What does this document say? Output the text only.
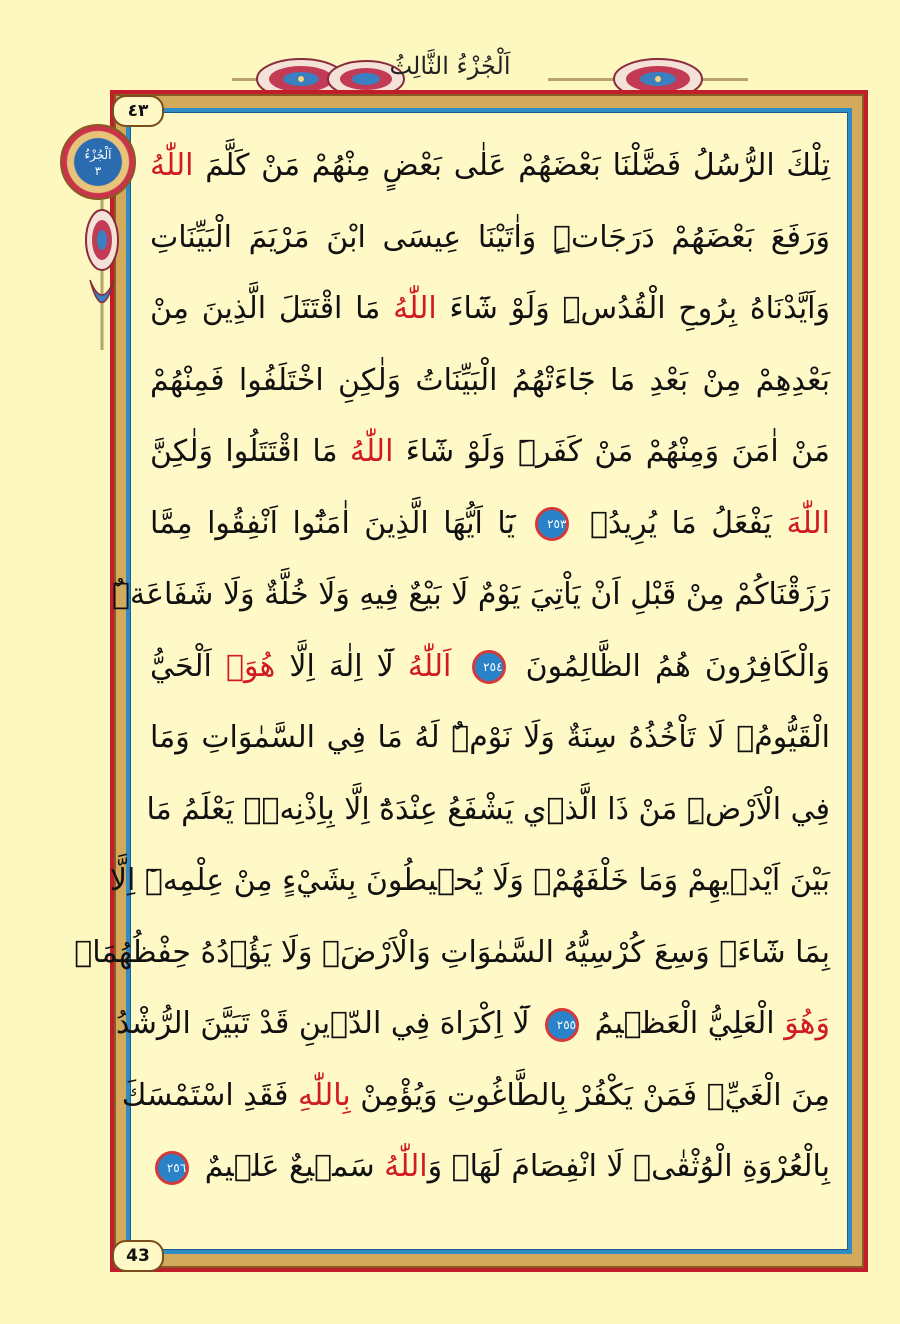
اَلْجُزْءُ الثَّالِثُ
٤٣
43
اَلْجُزْءُ
٣	تِلْكَ الرُّسُلُ فَضَّلْنَا بَعْضَهُمْ عَلٰى بَعْضٍ مِنْهُمْ مَنْ كَلَّمَ اللّٰهُ
وَرَفَعَ بَعْضَهُمْ دَرَجَاتٍۜ وَاٰتَيْنَا عِيسَى ابْنَ مَرْيَمَ الْبَيِّنَاتِ
وَاَيَّدْنَاهُ بِرُوحِ الْقُدُسِۜ وَلَوْ شَٓاءَ اللّٰهُ مَا اقْتَتَلَ الَّذِينَ مِنْ
بَعْدِهِمْ مِنْ بَعْدِ مَا جَٓاءَتْهُمُ الْبَيِّنَاتُ وَلٰكِنِ اخْتَلَفُوا فَمِنْهُمْ
مَنْ اٰمَنَ وَمِنْهُمْ مَنْ كَفَرَۜ وَلَوْ شَٓاءَ اللّٰهُ مَا اقْتَتَلُوا وَلٰكِنَّ
اللّٰهَ يَفْعَلُ مَا يُرِيدُ۟ ٢٥٣ يَٓا اَيُّهَا الَّذِينَ اٰمَنُٓوا اَنْفِقُوا مِمَّا
رَزَقْنَاكُمْ مِنْ قَبْلِ اَنْ يَاْتِيَ يَوْمٌ لَا بَيْعٌ فِيهِ وَلَا خُلَّةٌ وَلَا شَفَاعَةٌۜ
وَالْكَافِرُونَ هُمُ الظَّالِمُونَ ٢٥٤ اَللّٰهُ لَٓا اِلٰهَ اِلَّا هُوَۚ اَلْحَيُّ
الْقَيُّومُۚ لَا تَاْخُذُهُ سِنَةٌ وَلَا نَوْمٌۜ لَهُ مَا فِي السَّمٰوَاتِ وَمَا
فِي الْاَرْضِۜ مَنْ ذَا الَّذ۪ي يَشْفَعُ عِنْدَهُٓ اِلَّا بِاِذْنِه۪ۜ يَعْلَمُ مَا
بَيْنَ اَيْد۪يهِمْ وَمَا خَلْفَهُمْۚ وَلَا يُح۪يطُونَ بِشَيْءٍ مِنْ عِلْمِه۪ٓ اِلَّا
بِمَا شَٓاءَۚ وَسِعَ كُرْسِيُّهُ السَّمٰوَاتِ وَالْاَرْضَۚ وَلَا يَؤُ۫دُهُ حِفْظُهُمَاۚ
وَهُوَ الْعَلِيُّ الْعَظ۪يمُ ٢٥٥ لَٓا اِكْرَاهَ فِي الدّ۪ينِ قَدْ تَبَيَّنَ الرُّشْدُ
مِنَ الْغَيِّۚ فَمَنْ يَكْفُرْ بِالطَّاغُوتِ وَيُؤْمِنْ بِاللّٰهِ فَقَدِ اسْتَمْسَكَ
بِالْعُرْوَةِ الْوُثْقٰىۗ لَا انْفِصَامَ لَهَاۜ وَاللّٰهُ سَم۪يعٌ عَل۪يمٌ ٢٥٦
